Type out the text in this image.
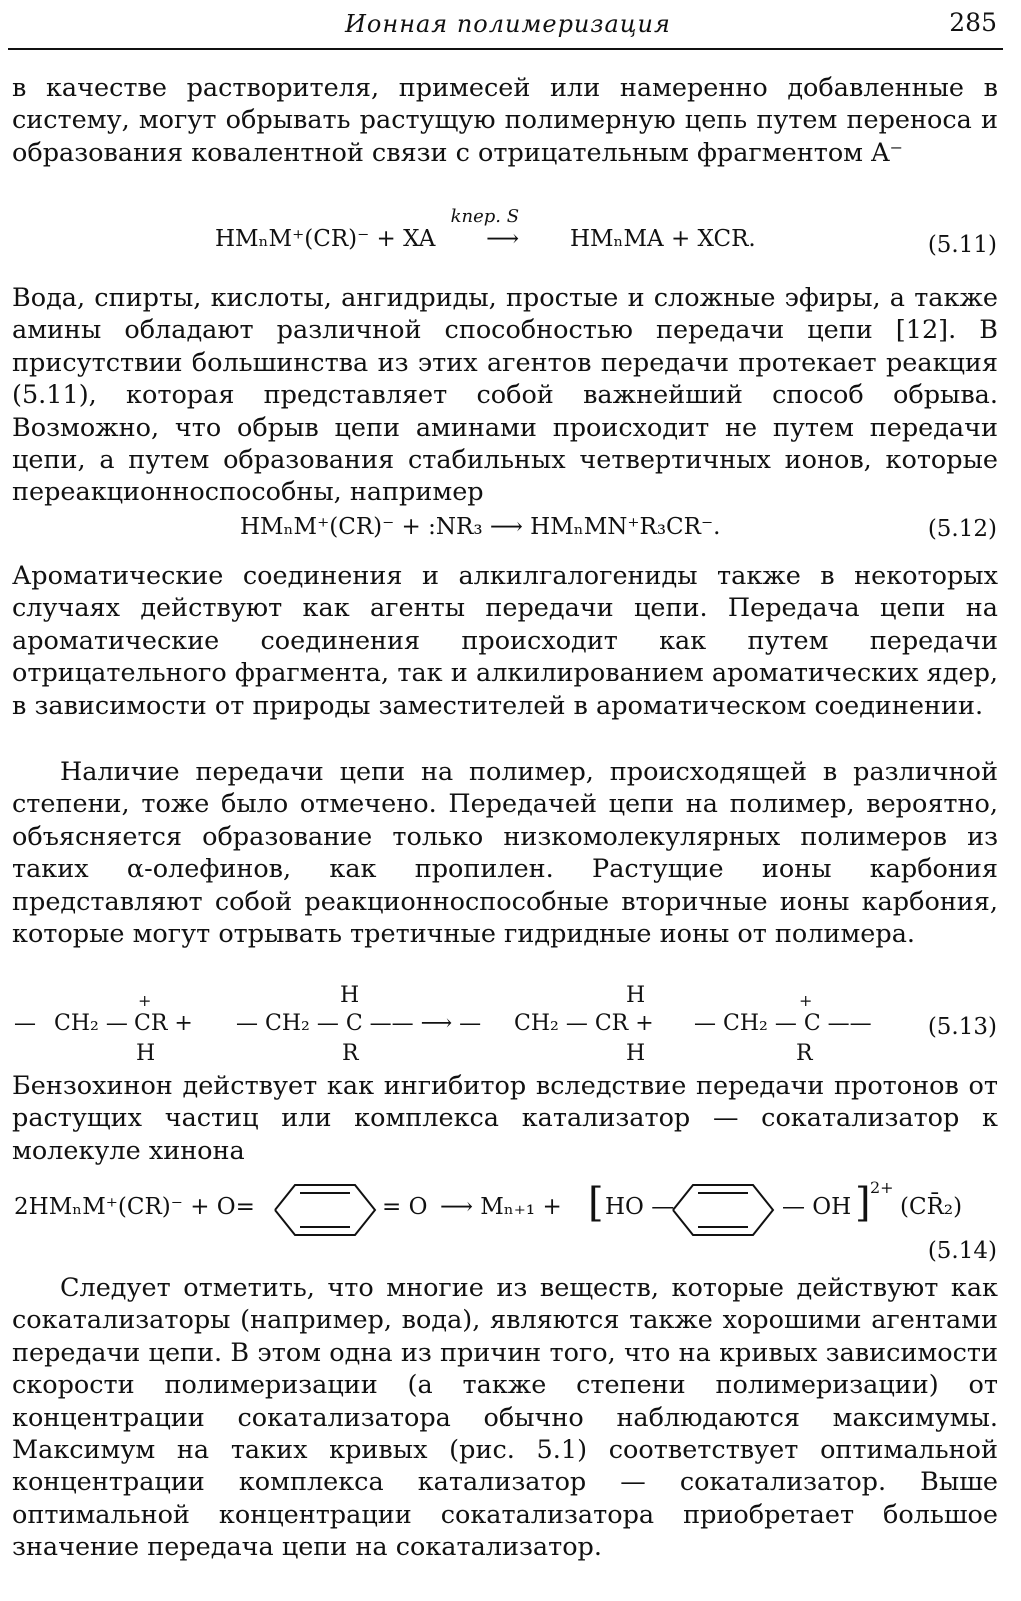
Ионная полимеризация	285
в качестве растворителя, примесей или намеренно добавленные в систему, могут обрывать растущую полимерную цепь путем переноса и образования ковалентной связи с отрицательным фрагментом A⁻
HMₙM⁺(CR)⁻ + XA
kпер. S
⟶ HMₙMA + XCR.	(5.11)
Вода, спирты, кислоты, ангидриды, простые и сложные эфиры, а также амины обладают различной способностью передачи цепи [12]. В присутствии большинства из этих агентов передачи протекает реакция (5.11), которая представляет собой важнейший способ обрыва. Возможно, что обрыв цепи аминами происходит не путем передачи цепи, а путем образования стабильных четвертичных ионов, которые переакционноспособны, например
HMₙM⁺(CR)⁻ + :NR₃ ⟶ HMₙMN⁺R₃CR⁻.	(5.12)
Ароматические соединения и алкилгалогениды также в некоторых случаях действуют как агенты передачи цепи. Передача цепи на ароматические соединения происходит как путем передачи отрицательного фрагмента, так и алкилированием ароматических ядер, в зависимости от природы заместителей в ароматическом соединении.
Наличие передачи цепи на полимер, происходящей в различной степени, тоже было отмечено. Передачей цепи на полимер, вероятно, объясняется образование только низкомолекулярных полимеров из таких α-олефинов, как пропилен. Растущие ионы карбония представляют собой реакционноспособные вторичные ионы карбония, которые могут отрывать третичные гидридные ионы от полимера.
— CH₂ —
+
CR +
H
— CH₂ — C —— ⟶ —
H
R
CH₂ — CR +
H
H
— CH₂ — C ——
+
R
(5.13)
Бензохинон действует как ингибитор вследствие передачи протонов от растущих частиц или комплекса катализатор — сокатализатор к молекуле хинона
2HMₙM⁺(CR)⁻ + O=	= O ⟶ Mₙ₊₁ + [ HO —	— OH ] 2+
(CR̄₂)
(5.14)
Следует отметить, что многие из веществ, которые действуют как сокатализаторы (например, вода), являются также хорошими агентами передачи цепи. В этом одна из причин того, что на кривых зависимости скорости полимеризации (а также степени полимеризации) от концентрации сокатализатора обычно наблюдаются максимумы. Максимум на таких кривых (рис. 5.1) соответствует оптимальной концентрации комплекса катализатор — сокатализатор. Выше оптимальной концентрации сокатализатора приобретает большое значение передача цепи на сокатализатор.
